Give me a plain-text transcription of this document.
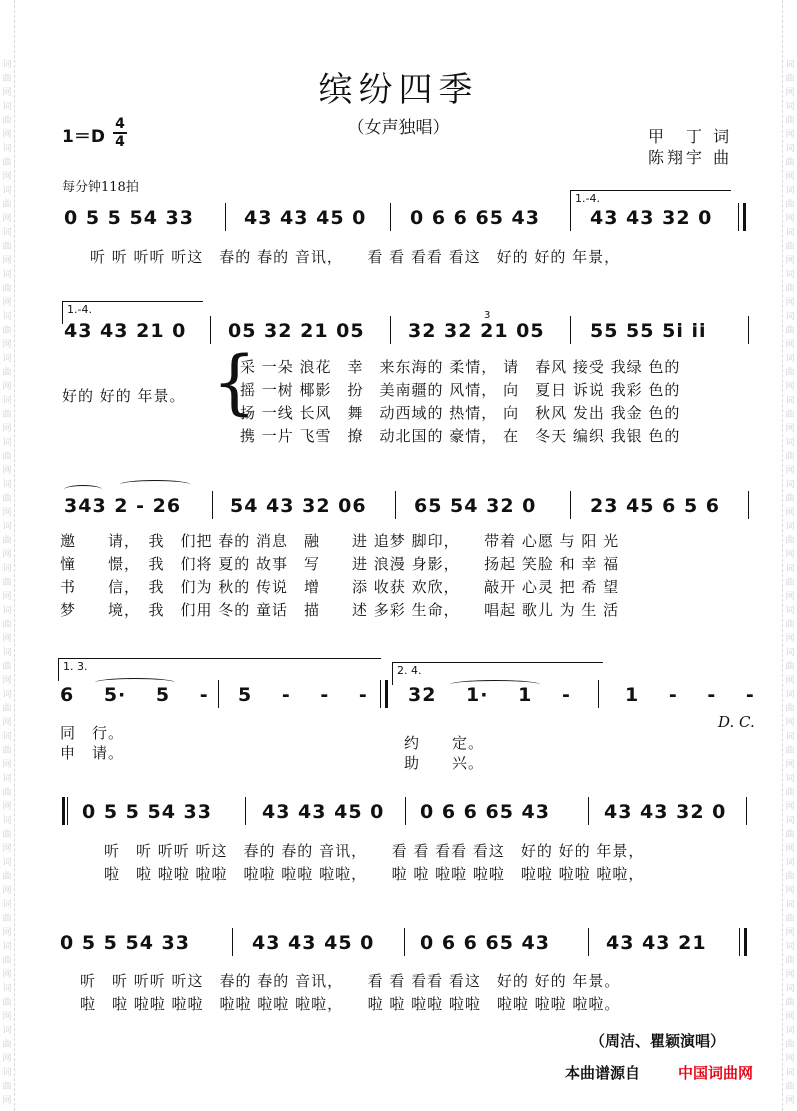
词
曲
网
词
曲
网
词
曲
网
词
曲
网
词
曲
网
词
曲
网
词
曲
网
词
曲
网
词
曲
网
词
曲
网
词
曲
网
词
曲
网
词
曲
网
词
曲
网
词
曲
网
词
曲
网
词
曲
网
词
曲
网
词
曲
网
词
曲
网
词
曲
网
词
曲
网
词
曲
网
词
曲
网
词
曲
网
词
曲
网
词
曲
网
词
曲
网
词
曲
网
词
曲
网
词
曲
网
词
曲
网
词
曲
网
词
曲
网
词
曲
网
词
曲
网
词
曲
网
词
曲
网
词
曲
网
词
曲
网
词
曲
网
词
曲
网
词
曲
网
词
曲
网
词
曲
网
词
曲
网
词
曲
网
词
曲
网
词
曲
网
词
曲
网
缤纷四季
（女声独唱）	甲　丁 词
陈翔宇 曲
1＝D
4
4
每分钟118拍
1.-4.
0 5 5 54 33	43 43 45 0 0 6 6 65 43	43 43 32 0
听 听 听听 听这　春的 春的 音讯，　　看 看 看看 看这　好的 好的 年景，
1.-4.
43 43 21 0 05 32 21 05 32 32 21 05 55 55 5i ii
3
好的 好的 年景。 {
采 一朵 浪花　幸　来东海的 柔情， 请　春风 接受 我绿 色的
摇 一树 椰影　扮　美南疆的 风情， 向　夏日 诉说 我彩 色的
扬 一线 长风　舞　动西域的 热情， 向　秋风 发出 我金 色的
携 一片 飞雪　撩　动北国的 豪情， 在　冬天 编织 我银 色的
343 2 - 26	54 43 32 06 65 54 32 0	23 45 6 5 6
邀　　请，　我　们把 春的 消息　融　　进 追梦 脚印，　　带着 心愿 与 阳 光
憧　　憬，　我　们将 夏的 故事　写　　进 浪漫 身影，　　扬起 笑脸 和 幸 福
书　　信，　我　们为 秋的 传说　增　　添 收获 欢欣，　　敲开 心灵 把 希 望
梦　　境，　我　们用 冬的 童话　描　　述 多彩 生命，　　唱起 歌儿 为 生 活
1. 3.	2. 4.
6 5· 5 - 5 - - - 32 1· 1 -	1 - - -
同　行。
申　请。
约　　定。
助　　兴。
D. C.
0 5 5 54 33	43 43 45 0 0 6 6 65 43	43 43 32 0
听　听 听听 听这　春的 春的 音讯，　　看 看 看看 看这　好的 好的 年景，
啦　啦 啦啦 啦啦　啦啦 啦啦 啦啦，　　啦 啦 啦啦 啦啦　啦啦 啦啦 啦啦，
0 5 5 54 33	43 43 45 0 0 6 6 65 43	43 43 21
听　听 听听 听这　春的 春的 音讯，　　看 看 看看 看这　好的 好的 年景。
啦　啦 啦啦 啦啦　啦啦 啦啦 啦啦，　　啦 啦 啦啦 啦啦　啦啦 啦啦 啦啦。
（周洁、瞿颖演唱）
本曲谱源自	中国词曲网
